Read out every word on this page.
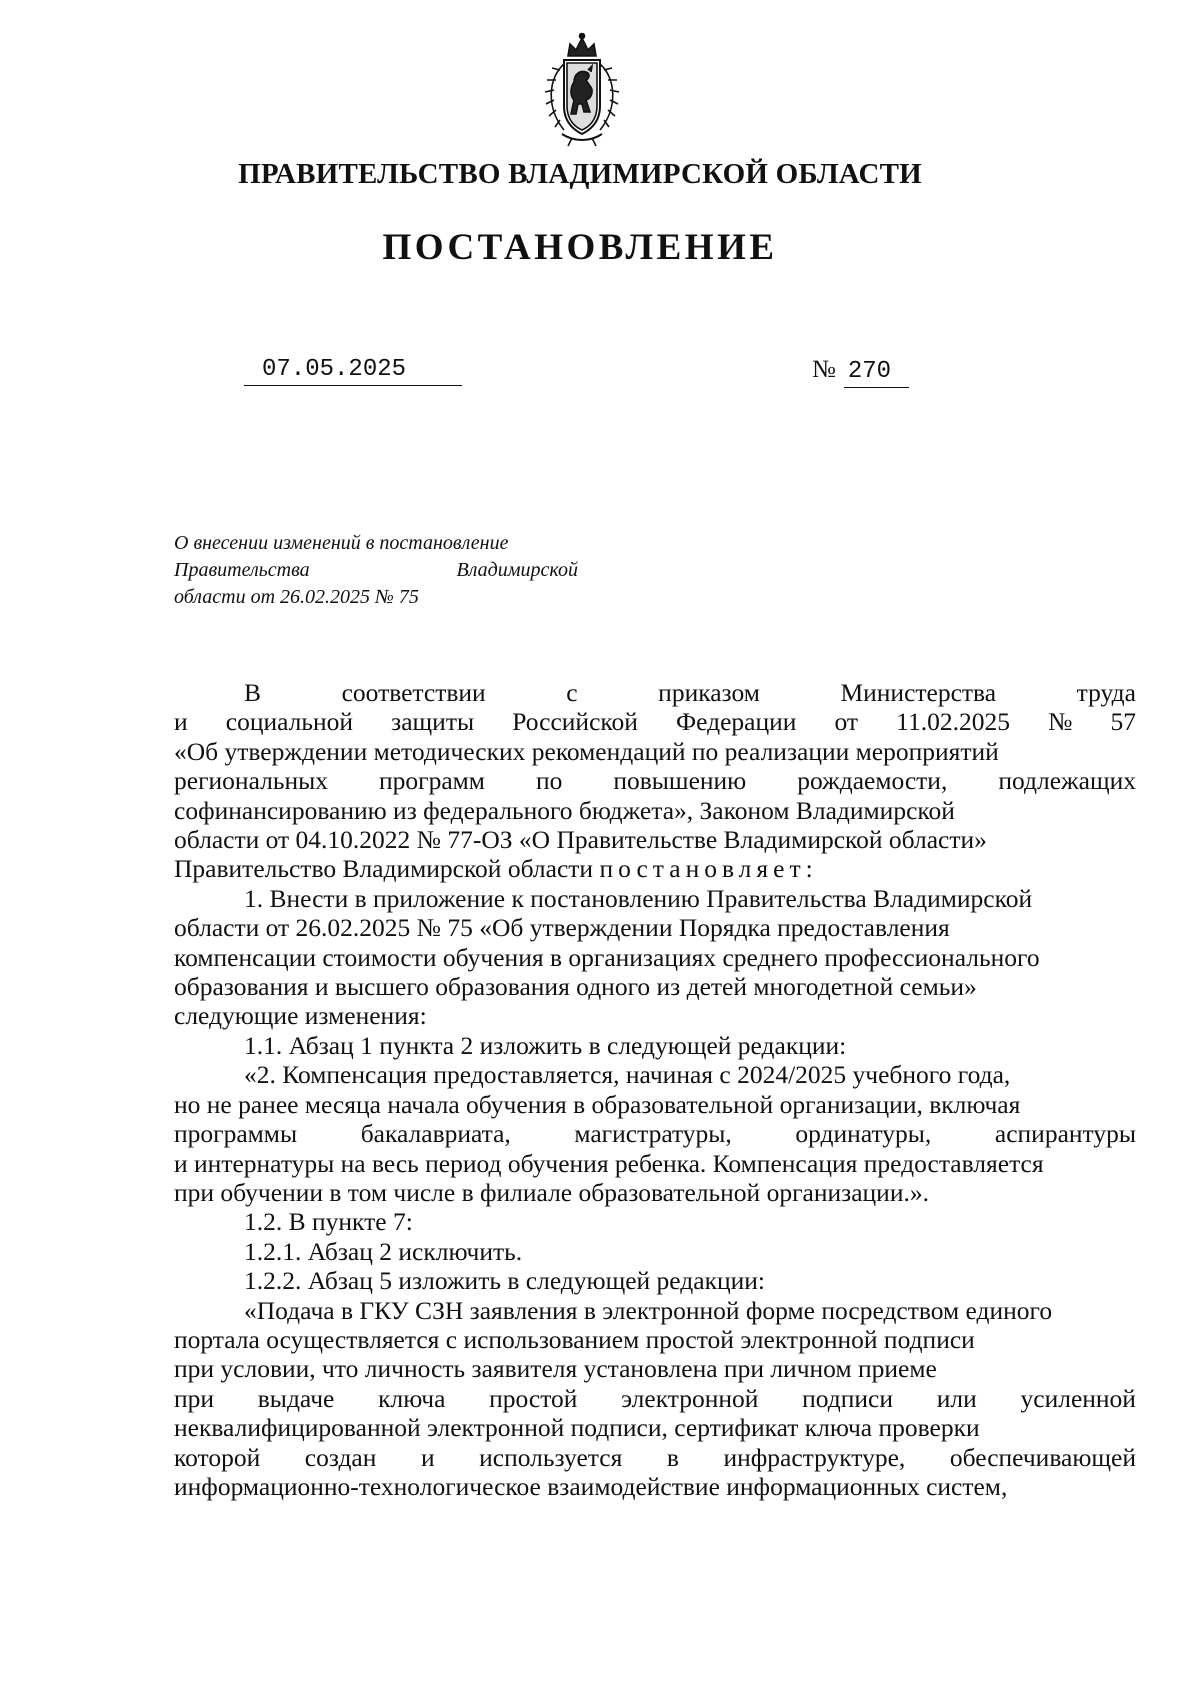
ПРАВИТЕЛЬСТВО ВЛАДИМИРСКОЙ ОБЛАСТИ
ПОСТАНОВЛЕНИЕ
07.05.2025	№ 270
О внесении изменений в постановление
Правительства	Владимирской
области от 26.02.2025 № 75
В	соответствии	с	приказом	Министерства	труда
и социальной защиты Российской Федерации от 11.02.2025 № 57
«Об утверждении методических рекомендаций по реализации мероприятий
региональных программ по повышению рождаемости, подлежащих
софинансированию из федерального бюджета», Законом Владимирской
области от 04.10.2022 № 77-ОЗ «О Правительстве Владимирской области»
Правительство Владимирской области постановляет:
1. Внести в приложение к постановлению Правительства Владимирской
области от 26.02.2025 № 75 «Об утверждении Порядка предоставления
компенсации стоимости обучения в организациях среднего профессионального
образования и высшего образования одного из детей многодетной семьи»
следующие изменения:
1.1. Абзац 1 пункта 2 изложить в следующей редакции:
«2. Компенсация предоставляется, начиная с 2024/2025 учебного года,
но не ранее месяца начала обучения в образовательной организации, включая
программы бакалавриата, магистратуры, ординатуры, аспирантуры
и интернатуры на весь период обучения ребенка. Компенсация предоставляется
при обучении в том числе в филиале образовательной организации.».
1.2. В пункте 7:
1.2.1. Абзац 2 исключить.
1.2.2. Абзац 5 изложить в следующей редакции:
«Подача в ГКУ СЗН заявления в электронной форме посредством единого
портала осуществляется с использованием простой электронной подписи
при условии, что личность заявителя установлена при личном приеме
при выдаче ключа простой электронной подписи или усиленной
неквалифицированной электронной подписи, сертификат ключа проверки
которой создан и используется в инфраструктуре, обеспечивающей
информационно-технологическое взаимодействие информационных систем,
